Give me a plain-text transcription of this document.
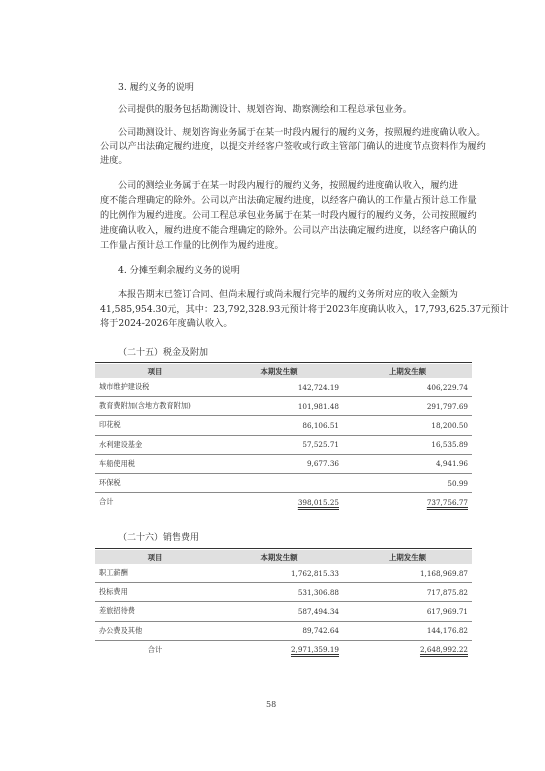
3. 履约义务的说明
公司提供的服务包括勘测设计、规划咨询、勘察测绘和工程总承包业务。
公司勘测设计、规划咨询业务属于在某一时段内履行的履约义务，按照履约进度确认收入。
公司以产出法确定履约进度，以提交并经客户签收或行政主管部门确认的进度节点资料作为履约
进度。
公司的测绘业务属于在某一时段内履行的履约义务，按照履约进度确认收入，履约进
度不能合理确定的除外。公司以产出法确定履约进度，以经客户确认的工作量占预计总工作量
的比例作为履约进度。公司工程总承包业务属于在某一时段内履行的履约义务，公司按照履约
进度确认收入，履约进度不能合理确定的除外。公司以产出法确定履约进度，以经客户确认的
工作量占预计总工作量的比例作为履约进度。
4. 分摊至剩余履约义务的说明
本报告期末已签订合同、但尚未履行或尚未履行完毕的履约义务所对应的收入金额为
41,585,954.30元，其中：23,792,328.93元预计将于2023年度确认收入，17,793,625.37元预计
将于2024-2026年度确认收入。
（二十五）税金及附加
项目	本期发生额	上期发生额
城市维护建设税	142,724.19	406,229.74
教育费附加(含地方教育附加)	101,981.48	291,797.69
印花税	86,106.51	18,200.50
水利建设基金	57,525.71	16,535.89
车船使用税	9,677.36	4,941.96
环保税		50.99
合计	398,015.25	737,756.77
（二十六）销售费用
项目	本期发生额	上期发生额
职工薪酬	1,762,815.33	1,168,969.87
投标费用	531,306.88	717,875.82
差旅招待费	587,494.34	617,969.71
办公费及其他	89,742.64	144,176.82
合计	2,971,359.19	2,648,992.22
58
